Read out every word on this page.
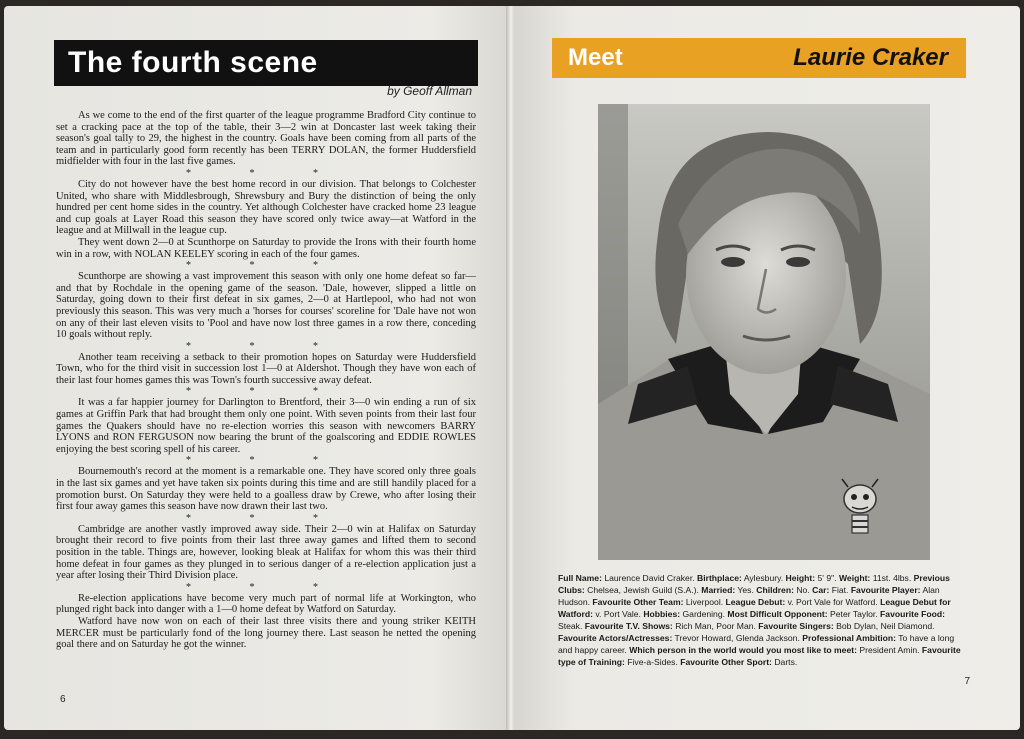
The fourth scene
by Geoff Allman

As we come to the end of the first quarter of the league programme Bradford City continue to set a cracking pace at the top of the table, their 3—2 win at Doncaster last week taking their season's goal tally to 29, the highest in the country. Goals have been coming from all parts of the team and in particularly good form recently has been TERRY DOLAN, the former Huddersfield midfielder with four in the last five games.

* * *

City do not however have the best home record in our division. That belongs to Colchester United, who share with Middlesbrough, Shrewsbury and Bury the distinction of being the only hundred per cent home sides in the country. Yet although Colchester have cracked home 23 league and cup goals at Layer Road this season they have scored only twice away—at Watford in the league and at Millwall in the league cup.

They went down 2—0 at Scunthorpe on Saturday to provide the Irons with their fourth home win in a row, with NOLAN KEELEY scoring in each of the four games.

* * *

Scunthorpe are showing a vast improvement this season with only one home defeat so far—and that by Rochdale in the opening game of the season. 'Dale, however, slipped a little on Saturday, going down to their first defeat in six games, 2—0 at Hartlepool, who had not won previously this season. This was very much a 'horses for courses' scoreline for 'Dale have not won on any of their last eleven visits to 'Pool and have now lost three games in a row there, conceding 10 goals without reply.

* * *

Another team receiving a setback to their promotion hopes on Saturday were Huddersfield Town, who for the third visit in succession lost 1—0 at Aldershot. Though they have won each of their last four homes games this was Town's fourth successive away defeat.

* * *

It was a far happier journey for Darlington to Brentford, their 3—0 win ending a run of six games at Griffin Park that had brought them only one point. With seven points from their last four games the Quakers should have no re-election worries this season with newcomers BARRY LYONS and RON FERGUSON now bearing the brunt of the goalscoring and EDDIE ROWLES enjoying the best scoring spell of his career.

* * *

Bournemouth's record at the moment is a remarkable one. They have scored only three goals in the last six games and yet have taken six points during this time and are still handily placed for a promotion burst. On Saturday they were held to a goalless draw by Crewe, who after losing their first four away games this season have now drawn their last two.

* * *

Cambridge are another vastly improved away side. Their 2—0 win at Halifax on Saturday brought their record to five points from their last three away games and lifted them to second position in the table. Things are, however, looking bleak at Halifax for whom this was their third home defeat in four games as they plunged in to serious danger of a re-election application just a year after losing their Third Division place.

* * *

Re-election applications have become very much part of normal life at Workington, who plunged right back into danger with a 1—0 home defeat by Watford on Saturday.

Watford have now won on each of their last three visits there and young striker KEITH MERCER must be particularly fond of the long journey there. Last season he netted the opening goal there and on Saturday he got the winner.

6
Meet	Laurie Craker
Full Name: Laurence David Craker. Birthplace: Aylesbury. Height: 5' 9". Weight: 11st. 4lbs. Previous Clubs: Chelsea, Jewish Guild (S.A.). Married: Yes. Children: No. Car: Fiat. Favourite Player: Alan Hudson. Favourite Other Team: Liverpool. League Debut: v. Port Vale for Watford. League Debut for Watford: v. Port Vale. Hobbies: Gardening. Most Difficult Opponent: Peter Taylor. Favourite Food: Steak. Favourite T.V. Shows: Rich Man, Poor Man. Favourite Singers: Bob Dylan, Neil Diamond. Favourite Actors/Actresses: Trevor Howard, Glenda Jackson. Professional Ambition: To have a long and happy career. Which person in the world would you most like to meet: President Amin. Favourite type of Training: Five-a-Sides. Favourite Other Sport: Darts.
7
